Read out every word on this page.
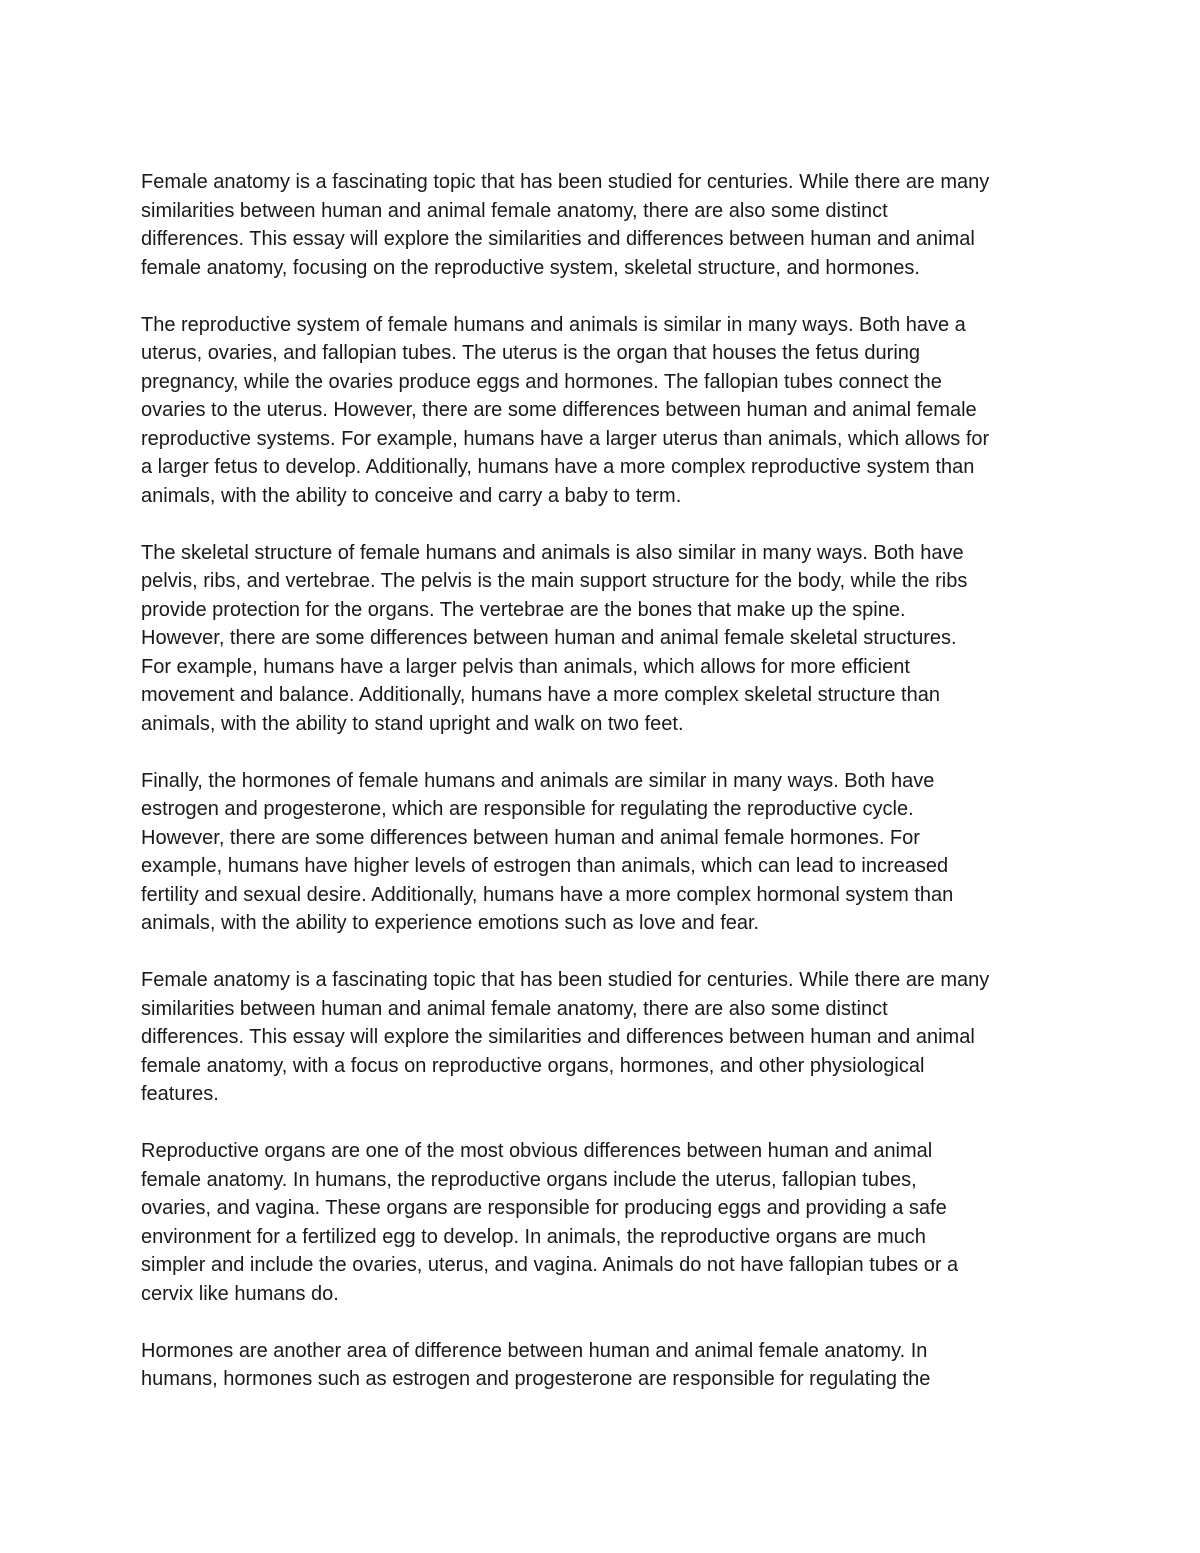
Female anatomy is a fascinating topic that has been studied for centuries. While there are many
similarities between human and animal female anatomy, there are also some distinct
differences. This essay will explore the similarities and differences between human and animal
female anatomy, focusing on the reproductive system, skeletal structure, and hormones.

The reproductive system of female humans and animals is similar in many ways. Both have a
uterus, ovaries, and fallopian tubes. The uterus is the organ that houses the fetus during
pregnancy, while the ovaries produce eggs and hormones. The fallopian tubes connect the
ovaries to the uterus. However, there are some differences between human and animal female
reproductive systems. For example, humans have a larger uterus than animals, which allows for
a larger fetus to develop. Additionally, humans have a more complex reproductive system than
animals, with the ability to conceive and carry a baby to term.

The skeletal structure of female humans and animals is also similar in many ways. Both have
pelvis, ribs, and vertebrae. The pelvis is the main support structure for the body, while the ribs
provide protection for the organs. The vertebrae are the bones that make up the spine.
However, there are some differences between human and animal female skeletal structures.
For example, humans have a larger pelvis than animals, which allows for more efficient
movement and balance. Additionally, humans have a more complex skeletal structure than
animals, with the ability to stand upright and walk on two feet.

Finally, the hormones of female humans and animals are similar in many ways. Both have
estrogen and progesterone, which are responsible for regulating the reproductive cycle.
However, there are some differences between human and animal female hormones. For
example, humans have higher levels of estrogen than animals, which can lead to increased
fertility and sexual desire. Additionally, humans have a more complex hormonal system than
animals, with the ability to experience emotions such as love and fear.

Female anatomy is a fascinating topic that has been studied for centuries. While there are many
similarities between human and animal female anatomy, there are also some distinct
differences. This essay will explore the similarities and differences between human and animal
female anatomy, with a focus on reproductive organs, hormones, and other physiological
features.

Reproductive organs are one of the most obvious differences between human and animal
female anatomy. In humans, the reproductive organs include the uterus, fallopian tubes,
ovaries, and vagina. These organs are responsible for producing eggs and providing a safe
environment for a fertilized egg to develop. In animals, the reproductive organs are much
simpler and include the ovaries, uterus, and vagina. Animals do not have fallopian tubes or a
cervix like humans do.

Hormones are another area of difference between human and animal female anatomy. In
humans, hormones such as estrogen and progesterone are responsible for regulating the
